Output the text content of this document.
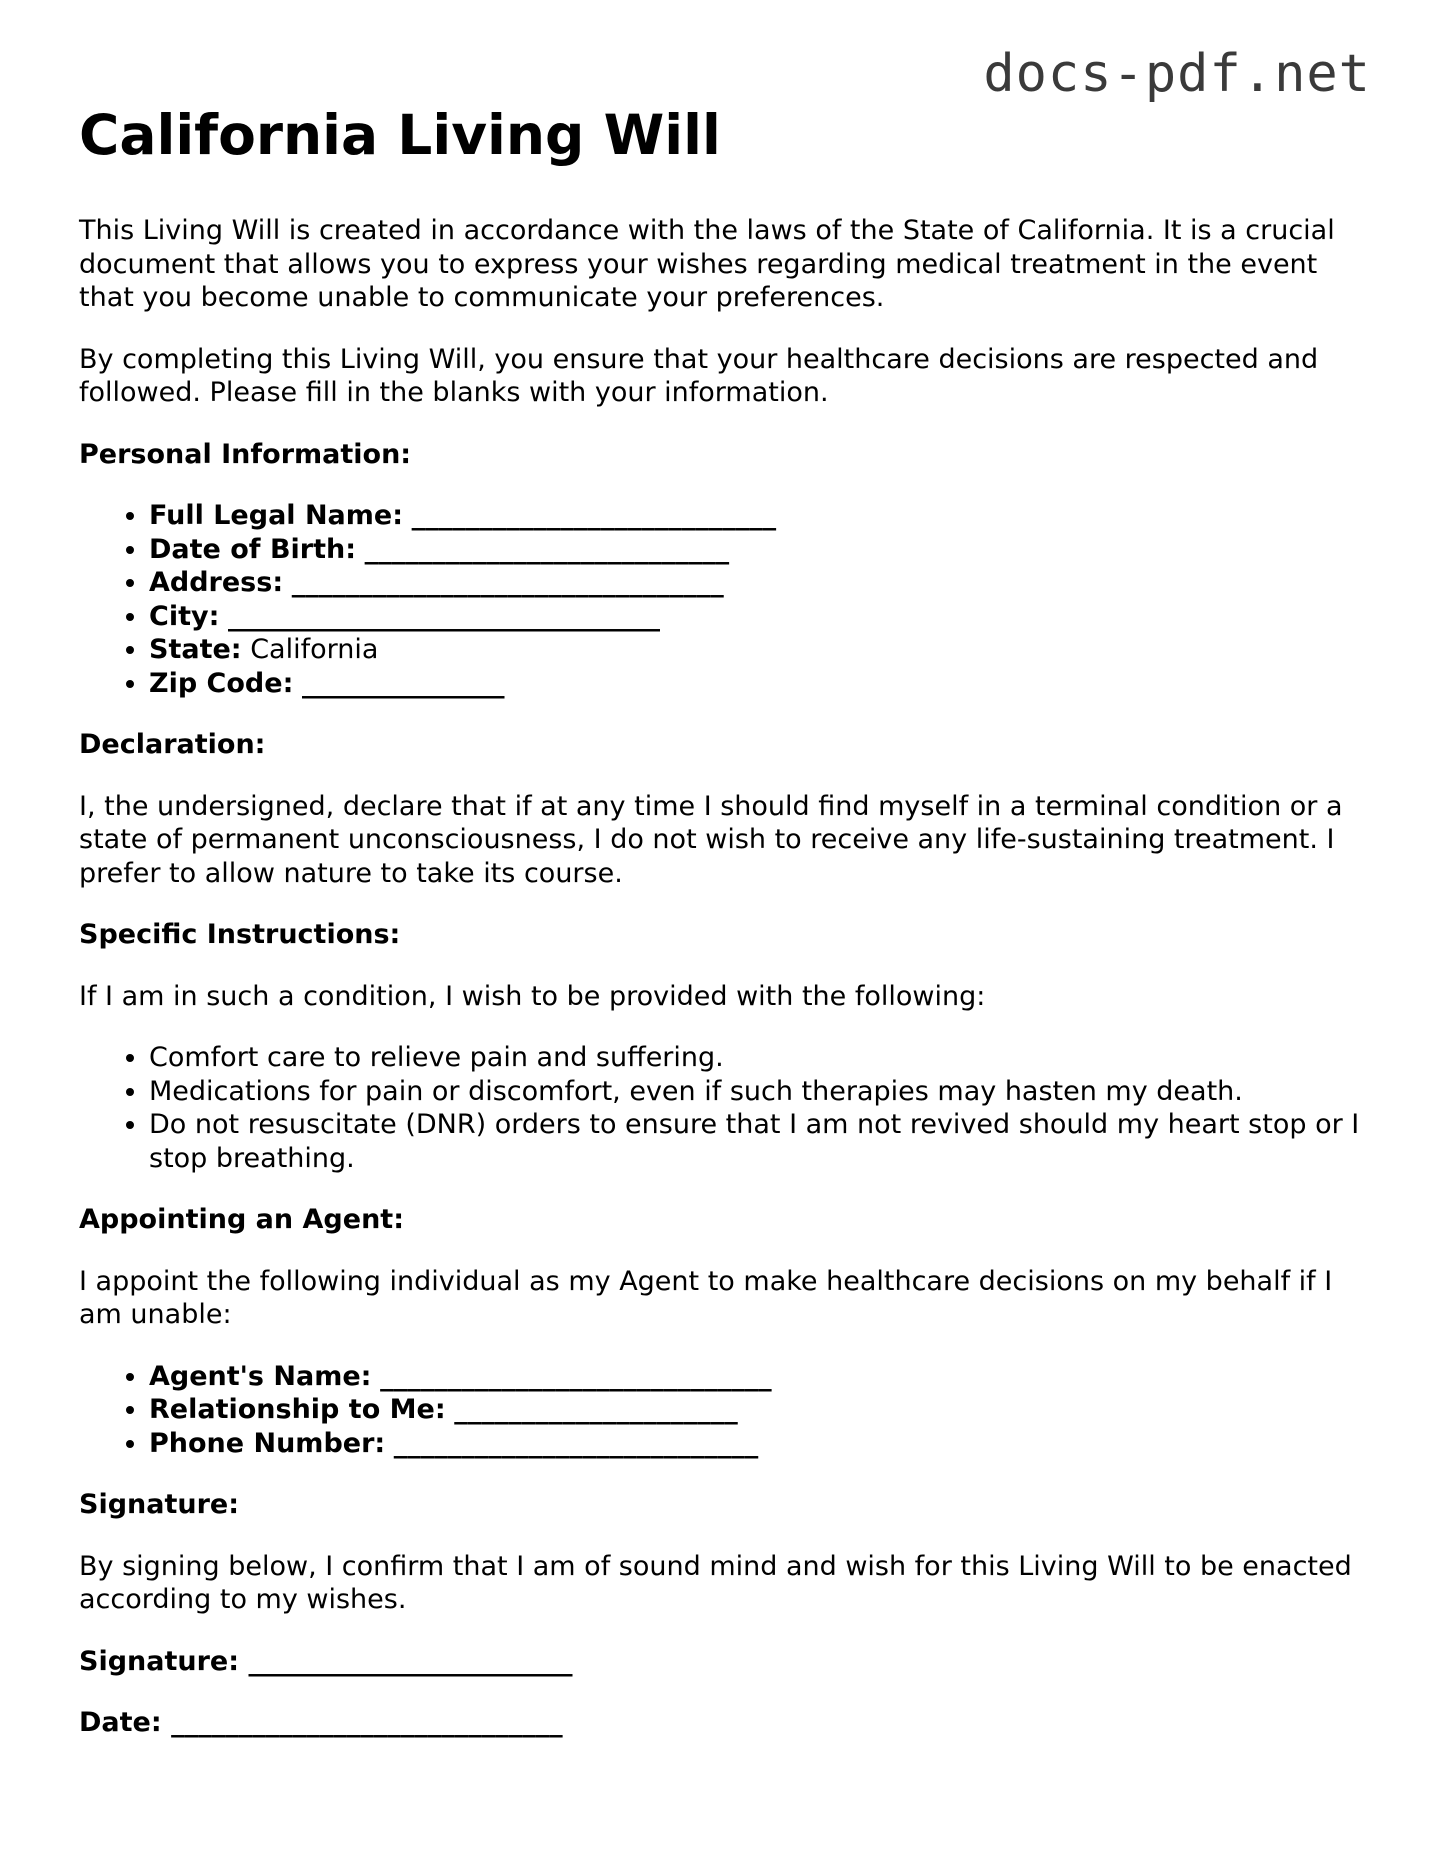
docs-pdf.net
California Living Will

This Living Will is created in accordance with the laws of the State of California. It is a crucial document that allows you to express your wishes regarding medical treatment in the event that you become unable to communicate your preferences.

By completing this Living Will, you ensure that your healthcare decisions are respected and followed. Please fill in the blanks with your information.

Personal Information:
• Full Legal Name: ___________________________
• Date of Birth: ___________________________
• Address: ________________________________
• City: ________________________________
• State: California
• Zip Code: _______________
Declaration:

I, the undersigned, declare that if at any time I should find myself in a terminal condition or a state of permanent unconsciousness, I do not wish to receive any life-sustaining treatment. I prefer to allow nature to take its course.

Specific Instructions:

If I am in such a condition, I wish to be provided with the following:

• Comfort care to relieve pain and suffering.
• Medications for pain or discomfort, even if such therapies may hasten my death.
• Do not resuscitate (DNR) orders to ensure that I am not revived should my heart stop or I stop breathing.
Appointing an Agent:

I appoint the following individual as my Agent to make healthcare decisions on my behalf if I am unable:

• Agent's Name: _____________________________
• Relationship to Me: _____________________
• Phone Number: ___________________________
Signature:

By signing below, I confirm that I am of sound mind and wish for this Living Will to be enacted according to my wishes.

Signature: ________________________
Date: _____________________________
